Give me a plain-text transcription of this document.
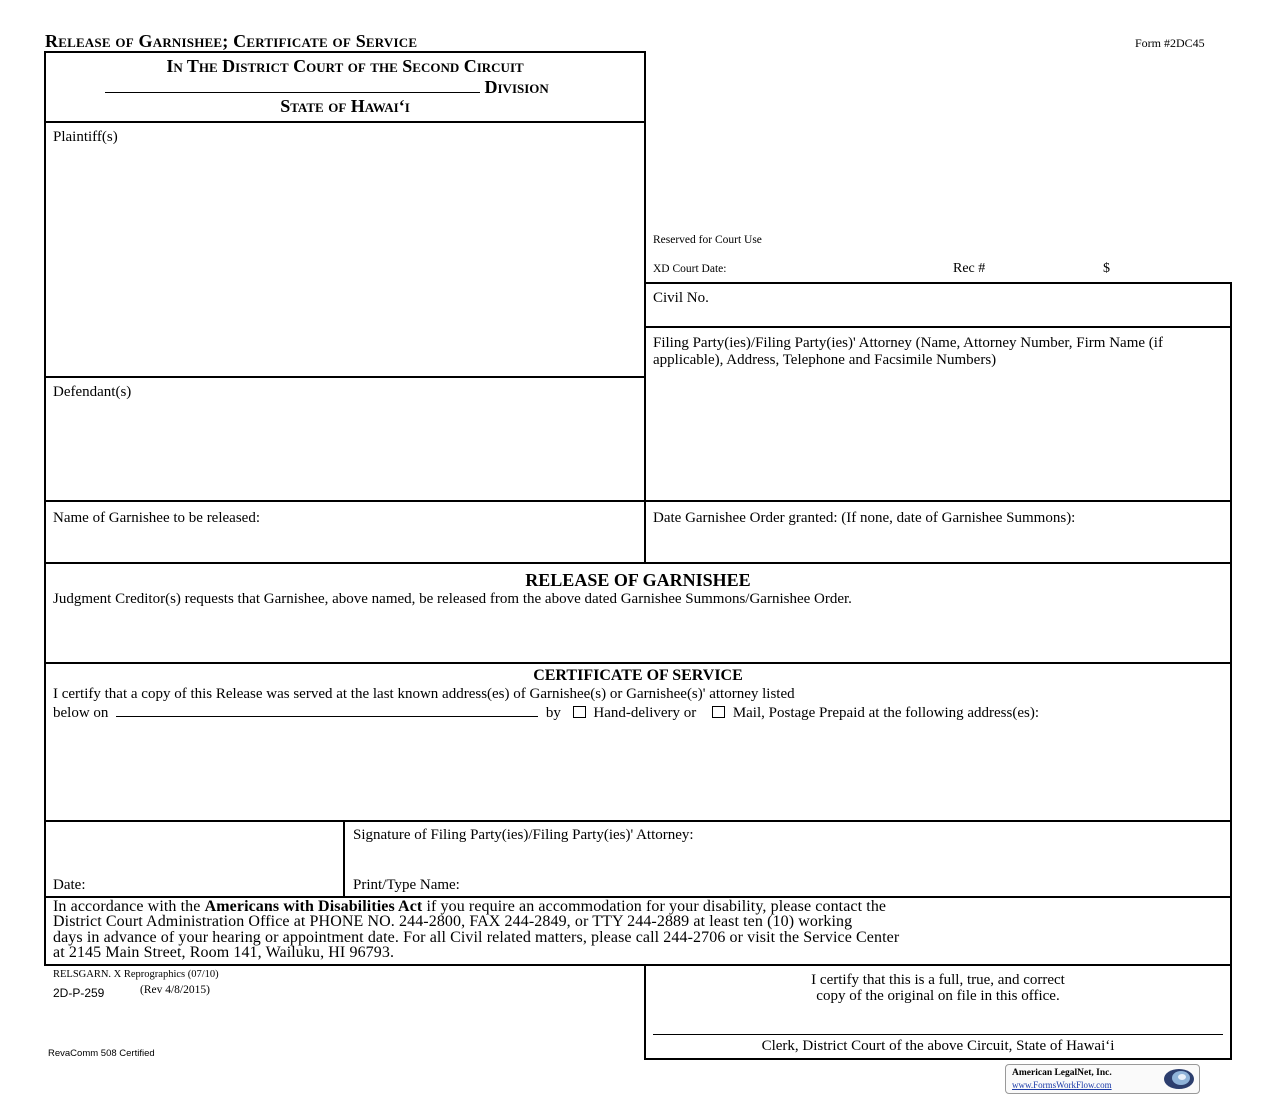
Release of Garnishee; Certificate of Service	Form #2DC45
In The District Court of the Second Circuit
Division
State of Hawai‘i
Plaintiff(s)
Defendant(s)
Name of Garnishee to be released:
Reserved for Court Use
XD Court Date:	Rec #	$
Civil No.
Filing Party(ies)/Filing Party(ies)' Attorney (Name, Attorney Number, Firm Name (if applicable), Address, Telephone and Facsimile Numbers)
Date Garnishee Order granted: (If none, date of Garnishee Summons):
RELEASE OF GARNISHEE
Judgment Creditor(s) requests that Garnishee, above named, be released from the above dated Garnishee Summons/Garnishee Order.
CERTIFICATE OF SERVICE
I certify that a copy of this Release was served at the last known address(es) of Garnishee(s) or Garnishee(s)' attorney listed
below on	by Hand-delivery or Mail, Postage Prepaid at the following address(es):
Date:
Signature of Filing Party(ies)/Filing Party(ies)' Attorney:
Print/Type Name:
In accordance with the Americans with Disabilities Act if you require an accommodation for your disability, please contact the
District Court Administration Office at PHONE NO. 244-2800, FAX 244-2849, or TTY 244-2889 at least ten (10) working
days in advance of your hearing or appointment date. For all Civil related matters, please call 244-2706 or visit the Service Center
at 2145 Main Street, Room 141, Wailuku, HI 96793.
RELSGARN. X Reprographics (07/10)
2D-P-259	(Rev 4/8/2015)
RevaComm 508 Certified
I certify that this is a full, true, and correct
copy of the original on file in this office.
Clerk, District Court of the above Circuit, State of Hawai‘i
American LegalNet, Inc.
www.FormsWorkFlow.com
